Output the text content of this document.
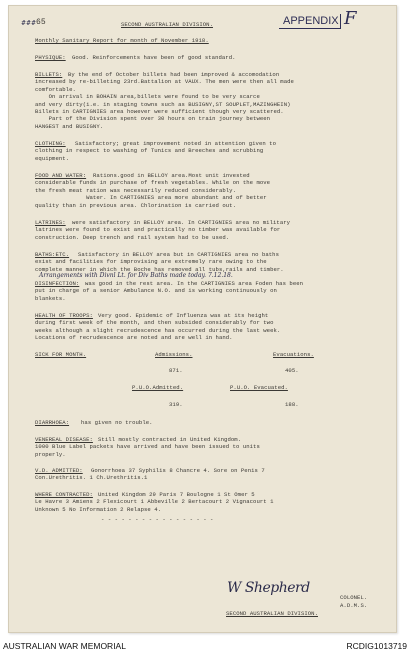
### 65	SECOND AUSTRALIAN DIVISION.	APPENDIX F
Monthly Sanitary Report for month of November 1918.
PHYSIQUE: Good. Reinforcements have been of good standard.
BILLETS: By the end of October billets had been improved & accomodation
increased by re-billeting 23rd.Battalion at VAUX. The men were then all made
comfortable.
On arrival in BOHAIN area,billets were found to be very scarce
and very dirty(i.e. in staging towns such as BUSIGNY,ST SOUPLET,MAZINGHEIN)
Billets in CARTIGNIES area however were sufficient though very scattered.
Part of the Division spent over 30 hours on train journey between
HANGEST and BUSIGNY.
CLOTHING: Satisfactory; great improvement noted in attention given to
clothing in respect to washing of Tunics and Breeches and scrubbing
equipment.
FOOD AND WATER: Rations.good in BELLOY area.Most unit invested
considerable funds in purchase of fresh vegetables. While on the move
the fresh meat ration was necessarily reduced considerably.
Water. In CARTIGNIES area more abundant and of better
quality than in previous area. Chlorination is carried out.
LATRINES: were satisfactory in BELLOY area. In CARTIGNIES area no military
latrines were found to exist and practically no timber was available for
construction. Deep trench and rail system had to be used.
BATHS:ETC. Satisfactory in BELLOY area but in CARTIGNIES area no baths
exist and facilities for improvising are extremely rare owing to the
complete manner in which the Boche has removed all tubs,rails and timber.
Arrangements with Divnl Lt. for Div Baths made today. 7.12.18.
DISINFECTION: was good in the rest area. In the CARTIGNIES area Foden has been
put in charge of a senior Ambulance N.O. and is working continuously on
blankets.
HEALTH OF TROOPS: Very good. Epidemic of Influenza was at its height
during first week of the month, and then subsided considerably for two
weeks although a slight recrudescence has occurred during the last week.
Locations of recrudescence are noted and are well in hand.
SICK FOR MONTH.	Admissions.	Evacuations.
871.	405.
P.U.O.Admitted.	P.U.O. Evacuated.
319.	188.
DIARRHOEA: has given no trouble.
VENEREAL DISEASE: Still mostly contracted in United Kingdom.
1000 Blue Label packets have arrived and have been issued to units
properly.
V.D. ADMITTED: Gonorrhoea 37 Syphilis 8 Chancre 4. Sore on Penis 7
Con.Urethritis. 1 Ch.Urethritis.1
WHERE CONTRACTED: United Kingdom 29 Paris 7 Boulogne 1 St Omer 5
Le Havre 3 Amiens 2 Flexicourt 1 Abbeville 2 Bertacourt 2 Vignacourt 1
Unknown 5 No Information 2 Relapse 4.
- - - - - - - - - - - - - - - - -
W Shepherd
COLONEL.
A.D.M.S.
SECOND AUSTRALIAN DIVISION.
AUSTRALIAN WAR MEMORIAL	RCDIG1013719
